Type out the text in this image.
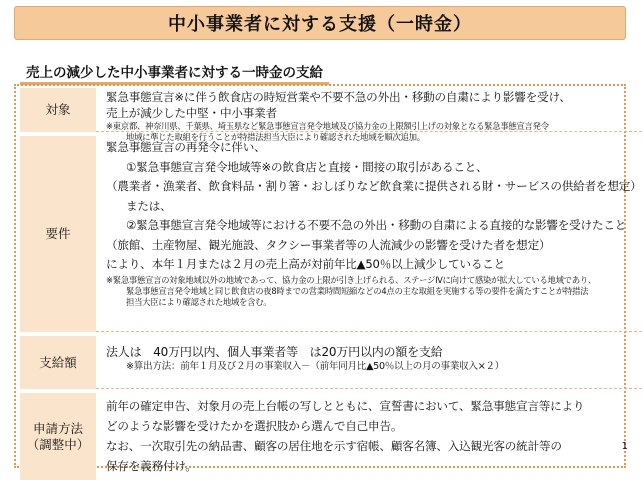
中小事業者に対する支援（一時金）
売上の減少した中小事業者に対する一時金の支給
対象
緊急事態宣言※に伴う飲食店の時短営業や不要不急の外出・移動の自粛により影響を受け、
売上が減少した中堅・中小事業者
※東京都、神奈川県、千葉県、埼玉県など緊急事態宣言発令地域及び協力金の上限額引上げの対象となる緊急事態宣言発令
地域に準じた取組を行うことが特措法担当大臣により確認された地域を順次追加。
要件
緊急事態宣言の再発令に伴い、
①緊急事態宣言発令地域等※の飲食店と直接・間接の取引があること、
（農業者・漁業者、飲食料品・割り箸・おしぼりなど飲食業に提供される財・サービスの供給者を想定）
または、
②緊急事態宣言発令地域等における不要不急の外出・移動の自粛による直接的な影響を受けたこと
（旅館、土産物屋、観光施設、タクシー事業者等の人流減少の影響を受けた者を想定）
により、本年１月または２月の売上高が対前年比▲50％以上減少していること
※緊急事態宣言の対象地域以外の地域であって、協力金の上限が引き上げられる、ステージⅣに向けて感染が拡大している地域であり、
緊急事態宣言発令地域と同じ飲食店の夜8時までの営業時間短縮などの4点の主な取組を実施する等の要件を満たすことが特措法
担当大臣により確認された地域を含む。
支給額
法人は　40万円以内、個人事業者等　は20万円以内の額を支給
※算出方法：前年１月及び２月の事業収入－（前年同月比▲50％以上の月の事業収入×２）
申請方法
（調整中）
前年の確定申告、対象月の売上台帳の写しとともに、宣誓書において、緊急事態宣言等により
どのような影響を受けたかを選択肢から選んで自己申告。
なお、一次取引先の納品書、顧客の居住地を示す宿帳、顧客名簿、入込観光客の統計等の
保存を義務付け。
1
